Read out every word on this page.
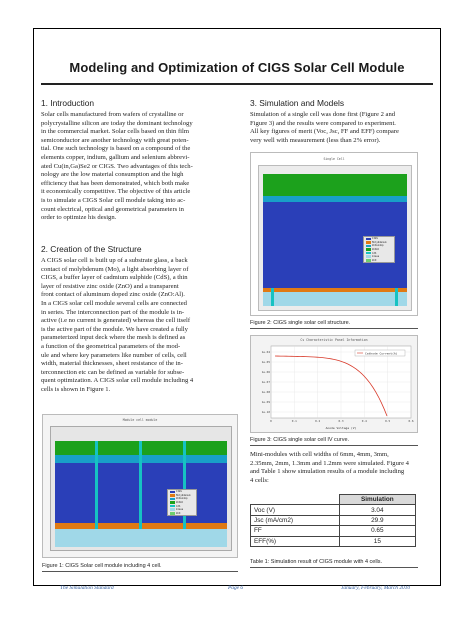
Modeling and Optimization of CIGS Solar Cell Module
1. Introduction

Solar cells manufactured from wafers of crystalline or

polycrystalline silicon are today the dominant technology

in the commercial market. Solar cells based on thin film

semiconductor are another technology with great poten-

tial. One such technology is based on a compound of the

elements copper, indium, gallium and selenium abbrevi-

ated Cu(in,Ga)Se2 or CIGS. Two advantages of this tech-

nology are the low material consumption and the high

efficiency that has been demonstrated, which both make

it economically competitive. The objective of this article

is to simulate a CIGS Solar cell module taking into ac-

count electrical, optical and geometrical parameters in

order to optimize his design.

2. Creation of the Structure

A CIGS solar cell is built up of a substrate glass, a back

contact of molybdenum (Mo), a light absorbing layer of

CIGS, a buffer layer of cadmium sulphide (CdS), a thin

layer of resistive zinc oxide (ZnO) and a transparent

front contact of aluminum doped zinc oxide (ZnO:Al).

In a CIGS solar cell module several cells are connected

in series. The interconnection part of the module is in-

active (i.e no current is generated) whereas the cell itself

is the active part of the module. We have created a fully

parameterized input deck where the mesh is defined as

a function of the geometrical parameters of the mod-

ule and where key parameters like number of cells, cell

width, material thicknesses, sheet resistance of the in-

terconnection etc can be defined as variable for subse-

quent optimization. A CIGS solar cell module including 4

cells is shown in Figure 1.

Module cell module
CIGS
Molybdenum
ZnOundop
ZnOAl
CdS
Glass
ZnO
Figure 1: CIGS Solar cell module including 4 cell.
3. Simulation and Models

Simulation of a single cell was done first (Figure 2 and

Figure 3) and the results were compared to experiment.

All key figures of merit (Voc, Jsc, FF and EFF) compare

very well with measurement (less than 2% error).

Single Cell
CIGS
Molybdenum
ZnOundop
ZnOAl
CdS
Glass
ZnO
Figure 2: CIGS single solar cell structure.
Cs Characteristic Panel Information
1e-04
1e-05
1e-06
1e-07
1e-08
1e-09
1e-10
0	0.1	0.2	0.3	0.4	0.5	0.6
Cathode Current(A)
Anode Voltage (V)
Figure 3: CIGS single solar cell IV curve.

Mini-modules with cell widths of 6mm, 4mm, 3mm,

2.35mm, 2mm, 1.3mm and 1.2mm were simulated. Figure 4

and Table 1 show simulation results of a module including

4 cells:

	Simulation
Voc (V)	3.04
Jsc (mA/cm2)	29.9
FF	0.65
EFF(%)	15
Table 1: Simulation result of CIGS module with 4 cells.
The Simulation Standard	Page 6	January, February, March 2010
